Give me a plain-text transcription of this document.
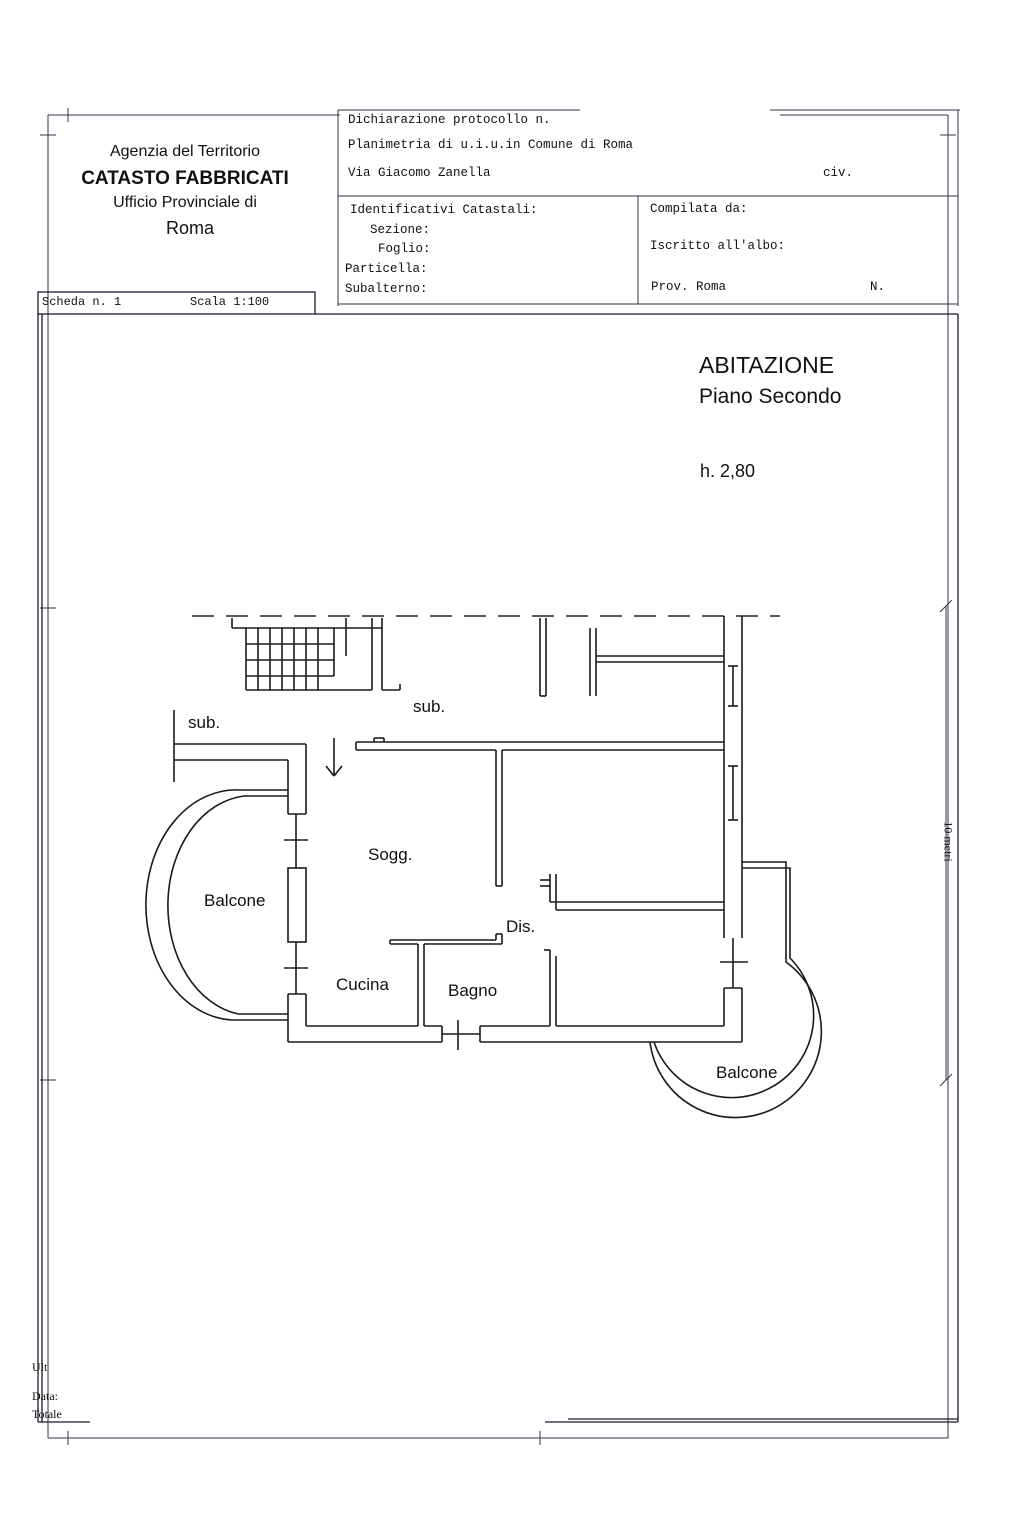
Agenzia del Territorio
CATASTO FABBRICATI
Ufficio Provinciale di
Roma
Dichiarazione protocollo n.
Planimetria di u.i.u.in Comune di Roma
Via Giacomo Zanella	civ.
Identificativi Catastali:
Sezione:
Foglio:
Particella:
Subalterno:
Compilata da:
Iscritto all'albo:
Prov. Roma	N.
Scheda n. 1	Scala 1:100
ABITAZIONE
Piano Secondo
h. 2,80
sub.
sub.
Sogg.
Balcone
Dis.
Cucina	Bagno
Balcone
10 metri
Ult
Data:
Totale
